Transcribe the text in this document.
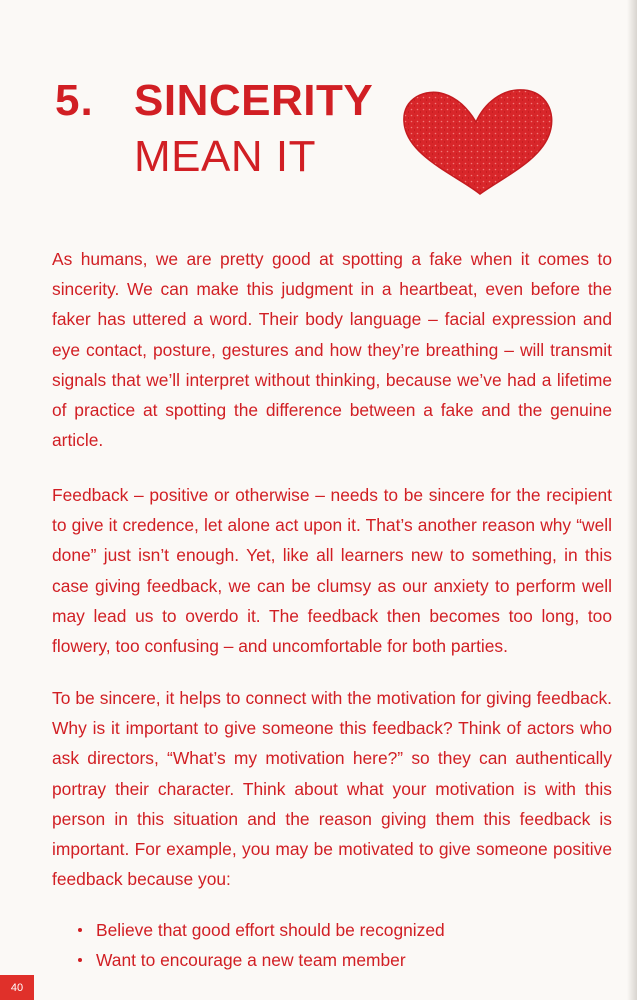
5. SINCERITY
MEAN IT

As humans, we are pretty good at spotting a fake when it comes to sincerity. We can make this judgment in a heartbeat, even before the faker has uttered a word. Their body language – facial expression and eye contact, posture, gestures and how they’re breathing – will transmit signals that we’ll interpret without thinking, because we’ve had a lifetime of practice at spotting the difference between a fake and the genuine article.

Feedback – positive or otherwise – needs to be sincere for the recipient to give it credence, let alone act upon it. That’s another reason why “well done” just isn’t enough. Yet, like all learners new to something, in this case giving feedback, we can be clumsy as our anxiety to perform well may lead us to overdo it. The feedback then becomes too long, too flowery, too confusing – and uncomfortable for both parties.

To be sincere, it helps to connect with the motivation for giving feedback. Why is it important to give someone this feedback? Think of actors who ask directors, “What’s my motivation here?” so they can authentically portray their character. Think about what your motivation is with this person in this situation and the reason giving them this feedback is important. For example, you may be motivated to give someone positive feedback because you:

Believe that good effort should be recognized
Want to encourage a new team member
40
